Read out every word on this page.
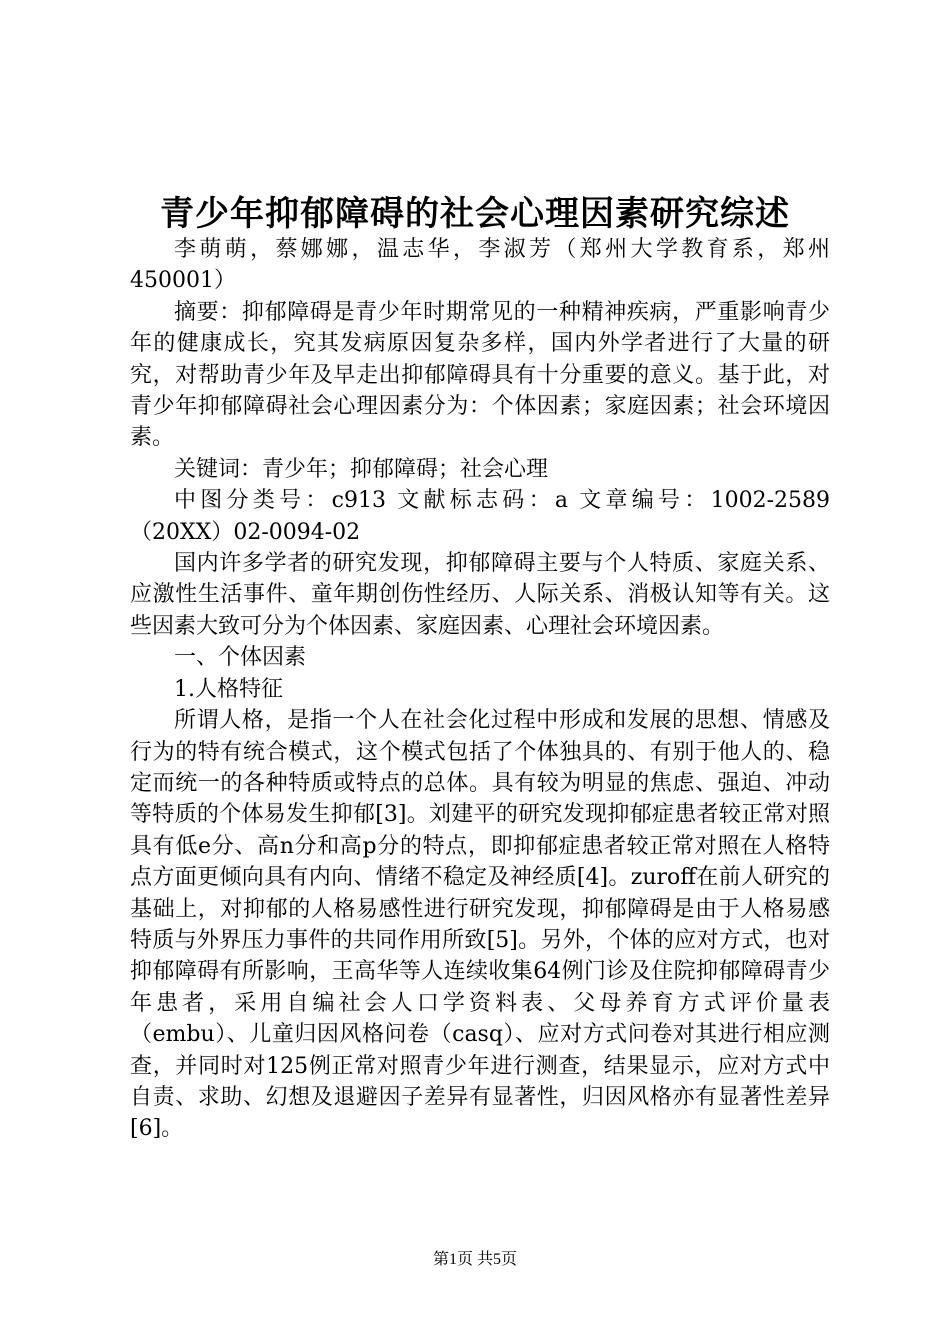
青少年抑郁障碍的社会心理因素研究综述

李萌萌，蔡娜娜，温志华，李淑芳（郑州大学教育系，郑州450001）

摘要：抑郁障碍是青少年时期常见的一种精神疾病，严重影响青少年的健康成长，究其发病原因复杂多样，国内外学者进行了大量的研究，对帮助青少年及早走出抑郁障碍具有十分重要的意义。基于此，对青少年抑郁障碍社会心理因素分为：个体因素；家庭因素；社会环境因素。

关键词：青少年；抑郁障碍；社会心理

中图分类号：c913 文献标志码：a 文章编号：1002-2589（20XX）02-0094-02

国内许多学者的研究发现，抑郁障碍主要与个人特质、家庭关系、应激性生活事件、童年期创伤性经历、人际关系、消极认知等有关。这些因素大致可分为个体因素、家庭因素、心理社会环境因素。

一、个体因素

1.人格特征

所谓人格，是指一个人在社会化过程中形成和发展的思想、情感及行为的特有统合模式，这个模式包括了个体独具的、有别于他人的、稳定而统一的各种特质或特点的总体。具有较为明显的焦虑、强迫、冲动等特质的个体易发生抑郁[3]。刘建平的研究发现抑郁症患者较正常对照具有低e分、高n分和高p分的特点，即抑郁症患者较正常对照在人格特点方面更倾向具有内向、情绪不稳定及神经质[4]。zuroff在前人研究的基础上，对抑郁的人格易感性进行研究发现，抑郁障碍是由于人格易感特质与外界压力事件的共同作用所致[5]。另外，个体的应对方式，也对抑郁障碍有所影响，王高华等人连续收集64例门诊及住院抑郁障碍青少年患者，采用自编社会人口学资料表、父母养育方式评价量表（embu）、儿童归因风格问卷（casq）、应对方式问卷对其进行相应测查，并同时对125例正常对照青少年进行测查，结果显示，应对方式中自责、求助、幻想及退避因子差异有显著性，归因风格亦有显著性差异[6]。

第1页 共5页
